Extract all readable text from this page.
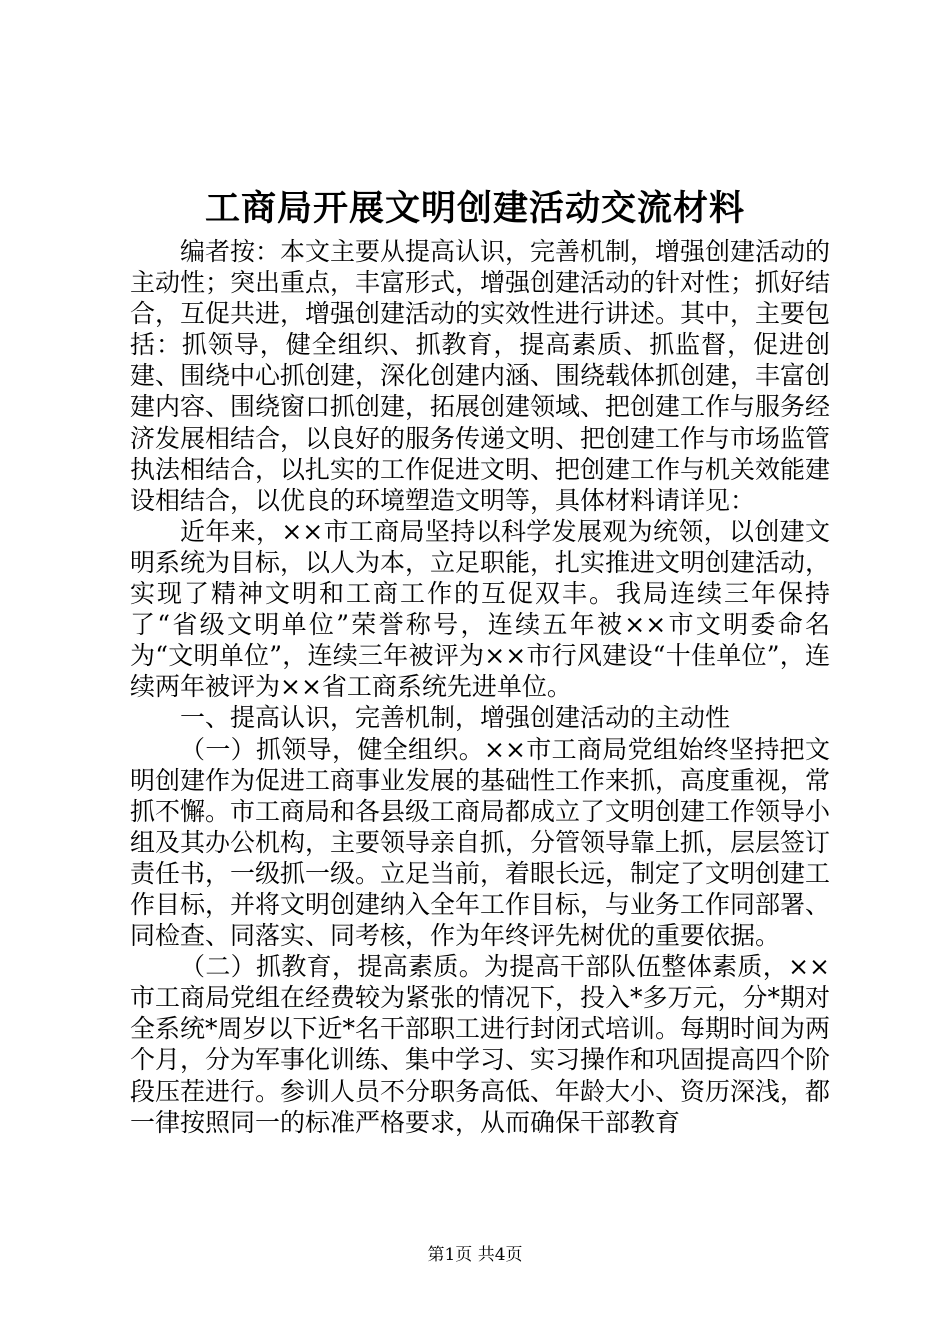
工商局开展文明创建活动交流材料

编者按：本文主要从提高认识，完善机制，增强创建活动的主动性；突出重点，丰富形式，增强创建活动的针对性；抓好结合，互促共进，增强创建活动的实效性进行讲述。其中，主要包括：抓领导，健全组织、抓教育，提高素质、抓监督，促进创建、围绕中心抓创建，深化创建内涵、围绕载体抓创建，丰富创建内容、围绕窗口抓创建，拓展创建领域、把创建工作与服务经济发展相结合，以良好的服务传递文明、把创建工作与市场监管执法相结合，以扎实的工作促进文明、把创建工作与机关效能建设相结合，以优良的环境塑造文明等，具体材料请详见：

近年来，××市工商局坚持以科学发展观为统领，以创建文明系统为目标，以人为本，立足职能，扎实推进文明创建活动，实现了精神文明和工商工作的互促双丰。我局连续三年保持了“省级文明单位”荣誉称号，连续五年被××市文明委命名为“文明单位”，连续三年被评为××市行风建设“十佳单位”，连续两年被评为××省工商系统先进单位。

一、提高认识，完善机制，增强创建活动的主动性

（一）抓领导，健全组织。××市工商局党组始终坚持把文明创建作为促进工商事业发展的基础性工作来抓，高度重视，常抓不懈。市工商局和各县级工商局都成立了文明创建工作领导小组及其办公机构，主要领导亲自抓，分管领导靠上抓，层层签订责任书，一级抓一级。立足当前，着眼长远，制定了文明创建工作目标，并将文明创建纳入全年工作目标，与业务工作同部署、同检查、同落实、同考核，作为年终评先树优的重要依据。

（二）抓教育，提高素质。为提高干部队伍整体素质，××市工商局党组在经费较为紧张的情况下，投入*多万元，分*期对全系统*周岁以下近*名干部职工进行封闭式培训。每期时间为两个月，分为军事化训练、集中学习、实习操作和巩固提高四个阶段压茬进行。参训人员不分职务高低、年龄大小、资历深浅，都一律按照同一的标准严格要求，从而确保干部教育

第1页 共4页
